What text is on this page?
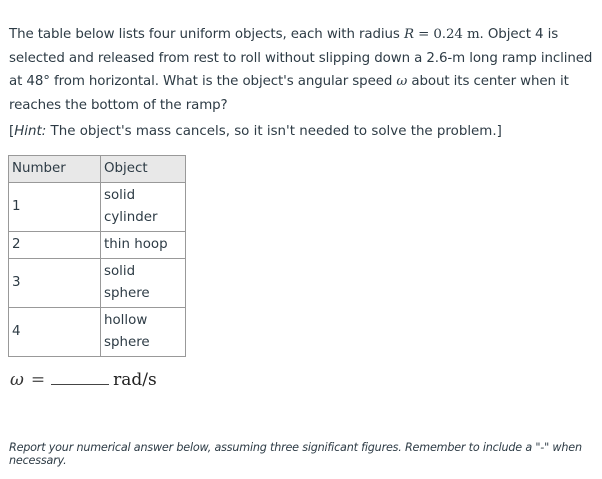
The table below lists four uniform objects, each with radius R = 0.24 m. Object 4 is selected and released from rest to roll without slipping down a 2.6-m long ramp inclined at 48° from horizontal. What is the object's angular speed ω about its center when it reaches the bottom of the ramp?
[Hint: The object's mass cancels, so it isn't needed to solve the problem.]
Number	Object
1	solid
cylinder

2	thin hoop

3	solid sphere

4	hollow
sphere
ω =	rad/s
Report your numerical answer below, assuming three significant figures. Remember to include a "-" when necessary.
